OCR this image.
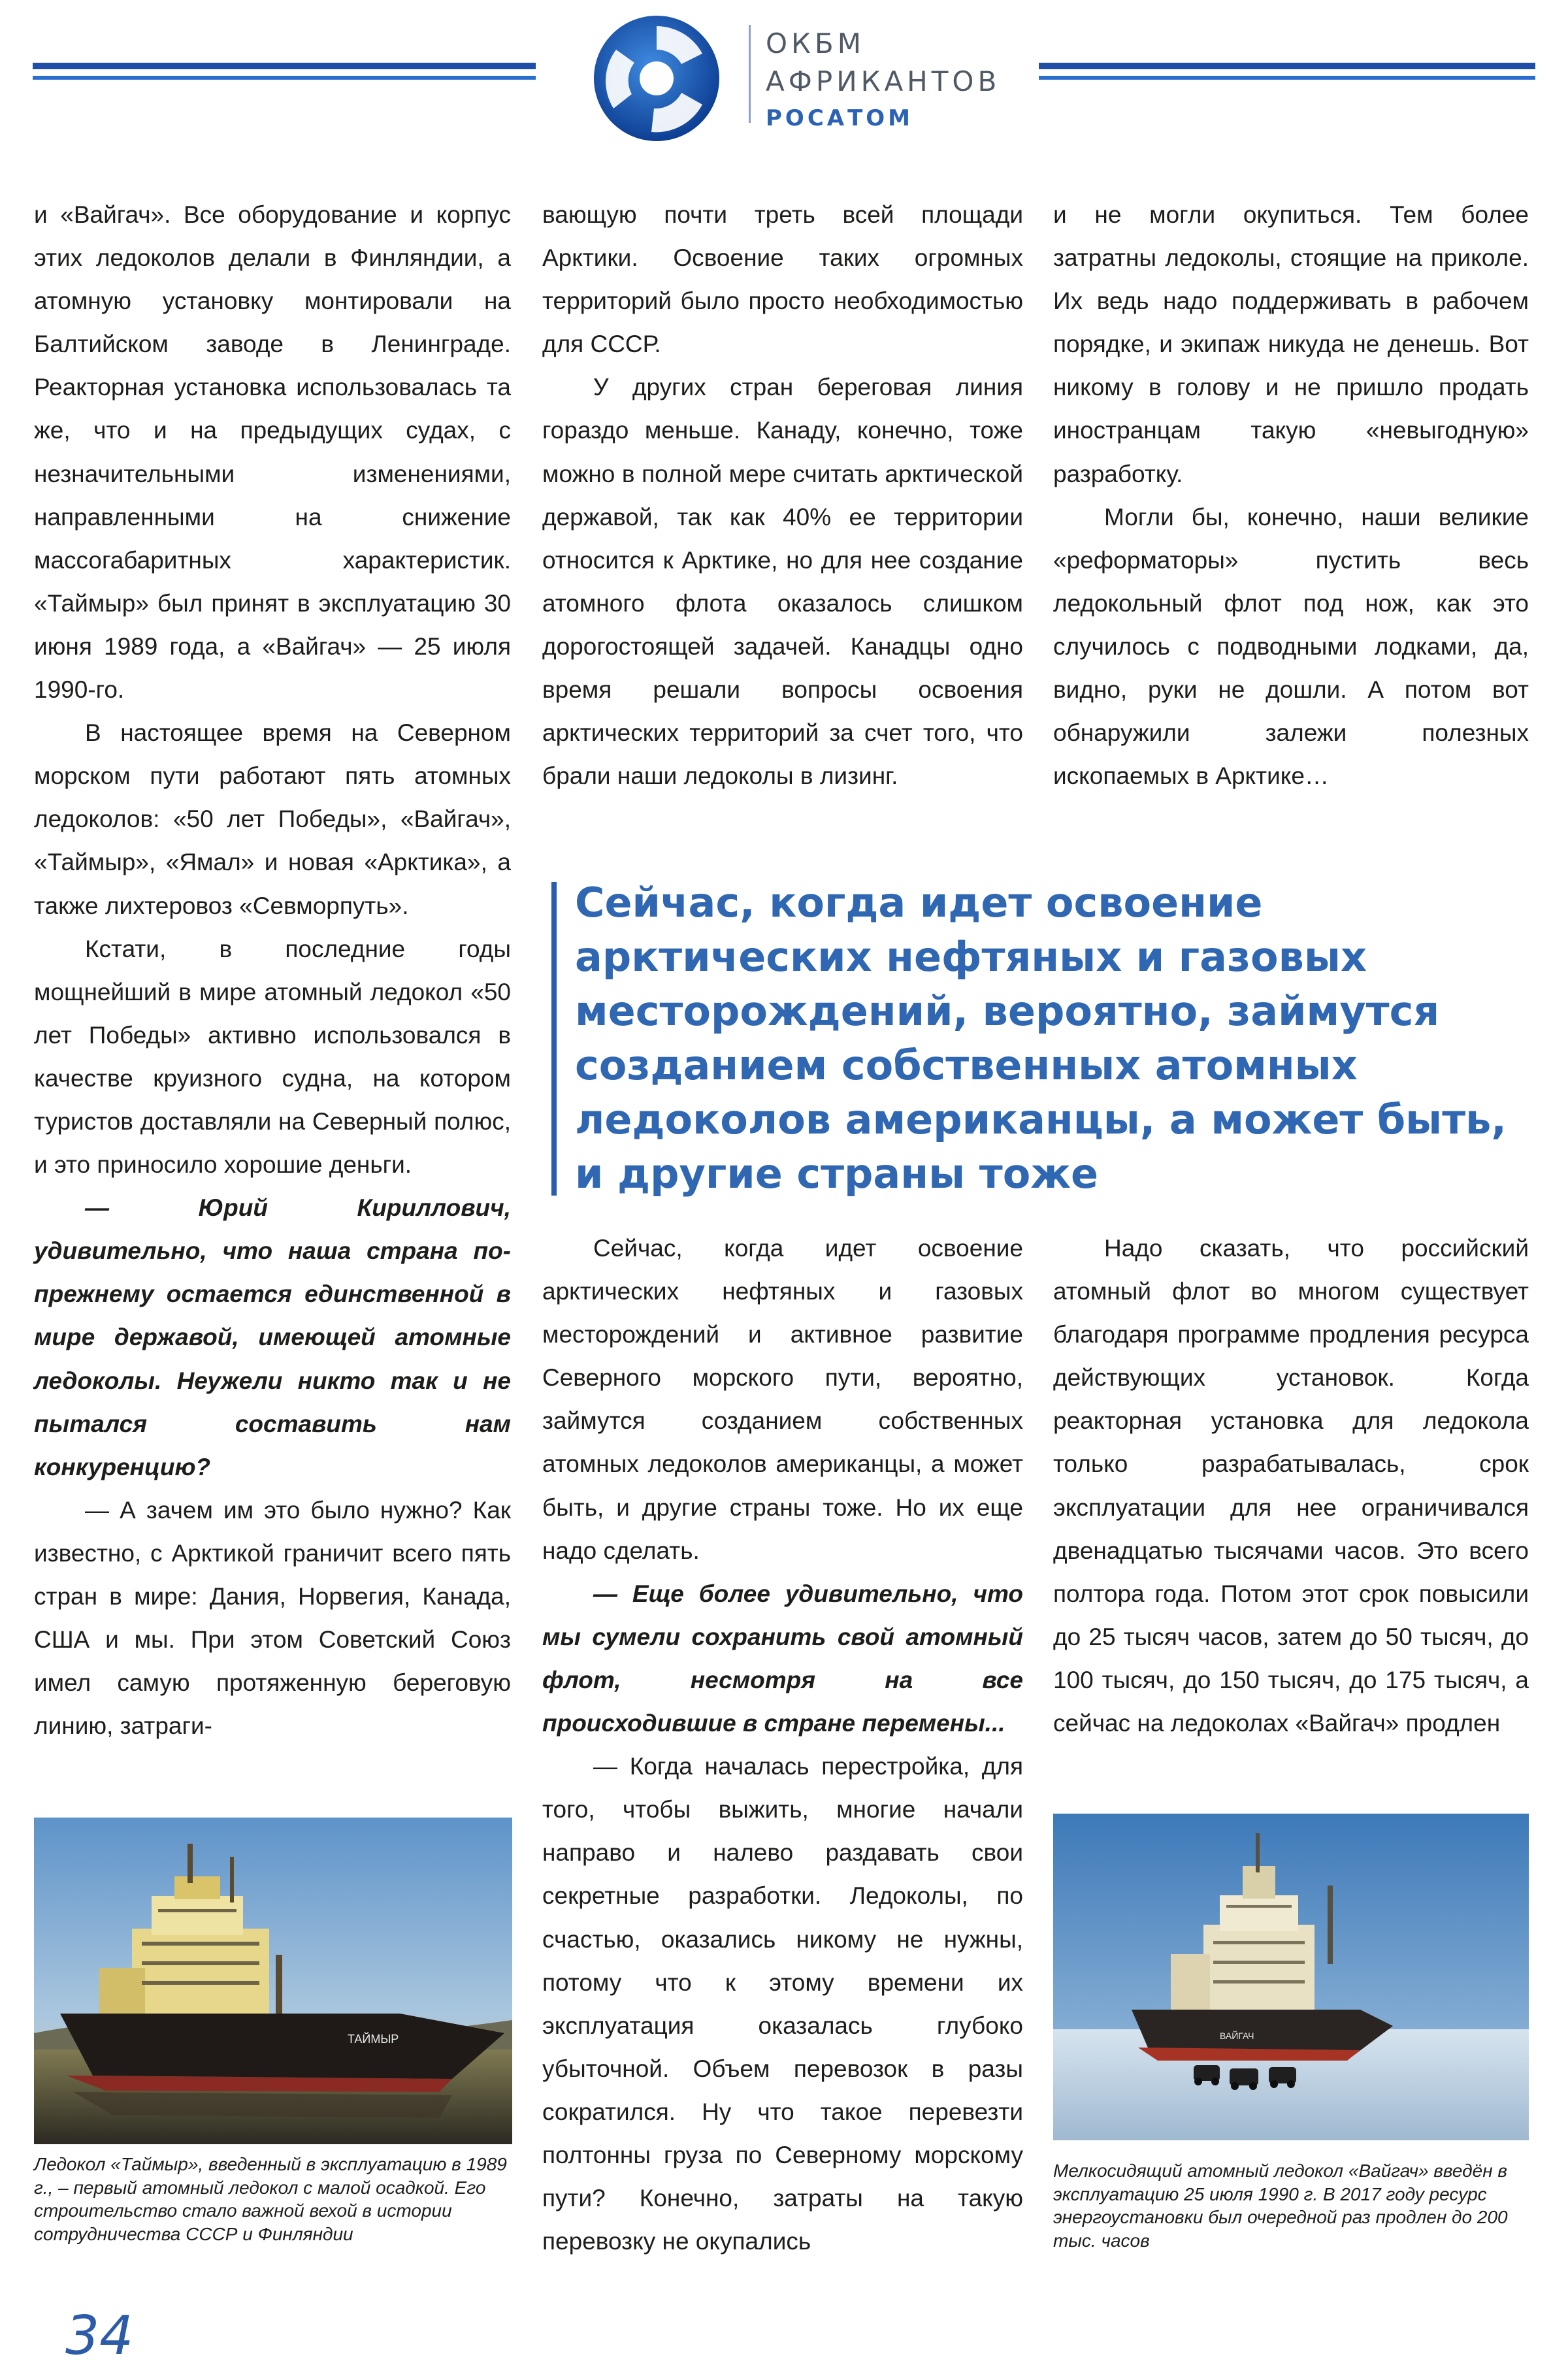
ОКБМ
АФРИКАНТОВ
РОСАТОМ

и «Вайгач». Все оборудование и корпус этих ледоколов делали в Финляндии, а атомную установку монтировали на Балтийском заводе в Ленинграде. Реакторная установка использовалась та же, что и на предыдущих судах, с незначительными изменениями, направленными на снижение массогабаритных характеристик. «Таймыр» был принят в эксплуатацию 30 июня 1989 года, а «Вайгач» — 25 июля 1990-го.

В настоящее время на Северном морском пути работают пять атомных ледоколов: «50 лет Победы», «Вайгач», «Таймыр», «Ямал» и новая «Арктика», а также лихтеровоз «Севморпуть».

Кстати, в последние годы мощнейший в мире атомный ледокол «50 лет Победы» активно использовался в качестве круизного судна, на котором туристов доставляли на Северный полюс, и это приносило хорошие деньги.

— Юрий Кириллович, удивительно, что наша страна по-прежнему остается единственной в мире державой, имеющей атомные ледоколы. Неужели никто так и не пытался составить нам конкуренцию?

— А зачем им это было нужно? Как известно, с Арктикой граничит всего пять стран в мире: Дания, Норвегия, Канада, США и мы. При этом Советский Союз имел самую протяженную береговую линию, затраги-

вающую почти треть всей площади Арктики. Освоение таких огромных территорий было просто необходимостью для СССР.

У других стран береговая линия гораздо меньше. Канаду, конечно, тоже можно в полной мере считать арктической державой, так как 40% ее территории относится к Арктике, но для нее создание атомного флота оказалось слишком дорогостоящей задачей. Канадцы одно время решали вопросы освоения арктических территорий за счет того, что брали наши ледоколы в лизинг.

и не могли окупиться. Тем более затратны ледоколы, стоящие на приколе. Их ведь надо поддерживать в рабочем порядке, и экипаж никуда не денешь. Вот никому в голову и не пришло продать иностранцам такую «невыгодную» разработку.

Могли бы, конечно, наши великие «реформаторы» пустить весь ледокольный флот под нож, как это случилось с подводными лодками, да, видно, руки не дошли. А потом вот обнаружили залежи полезных ископаемых в Арктике…

Сейчас, когда идет освоение арктических нефтяных и газовых месторождений, вероятно, займутся созданием собственных атомных ледоколов американцы, а может быть, и другие страны тоже

Сейчас, когда идет освоение арктических нефтяных и газовых месторождений и активное развитие Северного морского пути, вероятно, займутся созданием собственных атомных ледоколов американцы, а может быть, и другие страны тоже. Но их еще надо сделать.

— Еще более удивительно, что мы сумели сохранить свой атомный флот, несмотря на все происходившие в стране перемены...

— Когда началась перестройка, для того, чтобы выжить, многие начали направо и налево раздавать свои секретные разработки. Ледоколы, по счастью, оказались никому не нужны, потому что к этому времени их эксплуатация оказалась глубоко убыточной. Объем перевозок в разы сократился. Ну что такое перевезти полтонны груза по Северному морскому пути? Конечно, затраты на такую перевозку не окупались

Надо сказать, что российский атомный флот во многом существует благодаря программе продления ресурса действующих установок. Когда реакторная установка для ледокола только разрабатывалась, срок эксплуатации для нее ограничивался двенадцатью тысячами часов. Это всего полтора года. Потом этот срок повысили до 25 тысяч часов, затем до 50 тысяч, до 100 тысяч, до 150 тысяч, до 175 тысяч, а сейчас на ледоколах «Вайгач» продлен

ТАЙМЫР
Ледокол «Таймыр», введенный в эксплуатацию в 1989 г., – первый атомный ледокол с малой осадкой. Его строительство стало важной вехой в истории сотрудничества СССР и Финляндии
ВАЙГАЧ
Мелкосидящий атомный ледокол «Вайгач» введён в эксплуатацию 25 июля 1990 г. В 2017 году ресурс энергоустановки был очередной раз продлен до 200 тыс. часов
34
